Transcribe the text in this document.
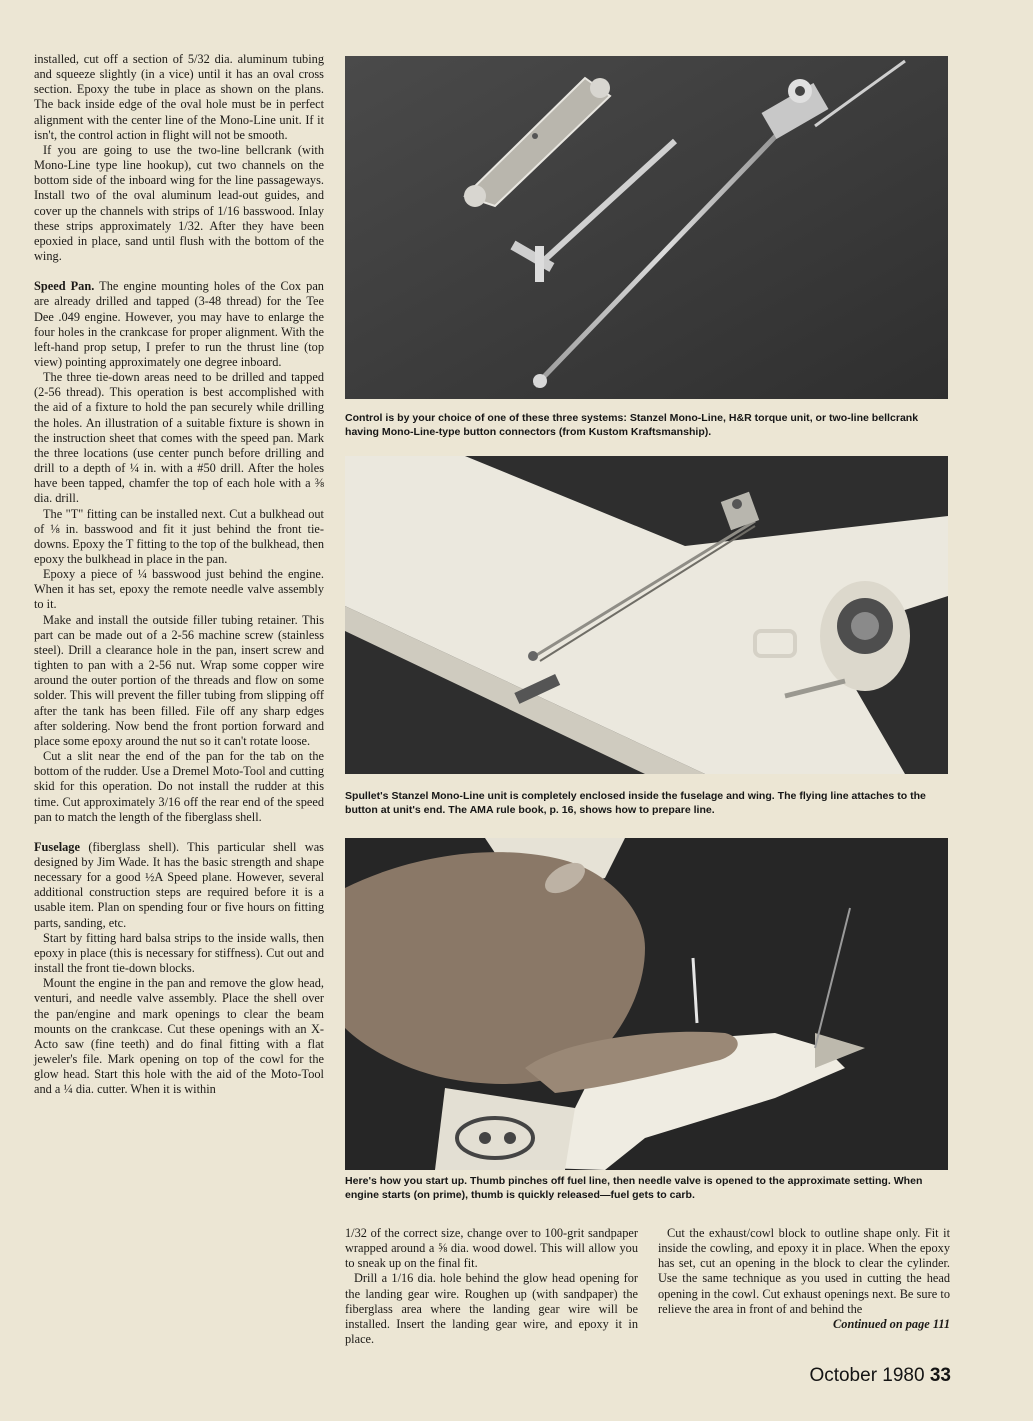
installed, cut off a section of 5/32 dia. aluminum tubing and squeeze slightly (in a vice) until it has an oval cross section. Epoxy the tube in place as shown on the plans. The back inside edge of the oval hole must be in perfect alignment with the center line of the Mono-Line unit. If it isn't, the control action in flight will not be smooth.

If you are going to use the two-line bellcrank (with Mono-Line type line hookup), cut two channels on the bottom side of the inboard wing for the line passageways. Install two of the oval aluminum lead-out guides, and cover up the channels with strips of 1/16 basswood. Inlay these strips approximately 1/32. After they have been epoxied in place, sand until flush with the bottom of the wing.

Speed Pan. The engine mounting holes of the Cox pan are already drilled and tapped (3-48 thread) for the Tee Dee .049 engine. However, you may have to enlarge the four holes in the crankcase for proper alignment. With the left-hand prop setup, I prefer to run the thrust line (top view) pointing approximately one degree inboard.

The three tie-down areas need to be drilled and tapped (2-56 thread). This operation is best accomplished with the aid of a fixture to hold the pan securely while drilling the holes. An illustration of a suitable fixture is shown in the instruction sheet that comes with the speed pan. Mark the three locations (use center punch before drilling and drill to a depth of ¼ in. with a #50 drill. After the holes have been tapped, chamfer the top of each hole with a ⅜ dia. drill.

The "T" fitting can be installed next. Cut a bulkhead out of ⅛ in. basswood and fit it just behind the front tie-downs. Epoxy the T fitting to the top of the bulkhead, then epoxy the bulkhead in place in the pan.

Epoxy a piece of ¼ basswood just behind the engine. When it has set, epoxy the remote needle valve assembly to it.

Make and install the outside filler tubing retainer. This part can be made out of a 2-56 machine screw (stainless steel). Drill a clearance hole in the pan, insert screw and tighten to pan with a 2-56 nut. Wrap some copper wire around the outer portion of the threads and flow on some solder. This will prevent the filler tubing from slipping off after the tank has been filled. File off any sharp edges after soldering. Now bend the front portion forward and place some epoxy around the nut so it can't rotate loose.

Cut a slit near the end of the pan for the tab on the bottom of the rudder. Use a Dremel Moto-Tool and cutting skid for this operation. Do not install the rudder at this time. Cut approximately 3/16 off the rear end of the speed pan to match the length of the fiberglass shell.

Fuselage (fiberglass shell). This particular shell was designed by Jim Wade. It has the basic strength and shape necessary for a good ½A Speed plane. However, several additional construction steps are required before it is a usable item. Plan on spending four or five hours on fitting parts, sanding, etc.

Start by fitting hard balsa strips to the inside walls, then epoxy in place (this is necessary for stiffness). Cut out and install the front tie-down blocks.

Mount the engine in the pan and remove the glow head, venturi, and needle valve assembly. Place the shell over the pan/engine and mark openings to clear the beam mounts on the crankcase. Cut these openings with an X-Acto saw (fine teeth) and do final fitting with a flat jeweler's file. Mark opening on top of the cowl for the glow head. Start this hole with the aid of the Moto-Tool and a ¼ dia. cutter. When it is within

Control is by your choice of one of these three systems: Stanzel Mono-Line, H&R torque unit, or two-line bellcrank having Mono-Line-type button connectors (from Kustom Kraftsmanship).
Spullet's Stanzel Mono-Line unit is completely enclosed inside the fuselage and wing. The flying line attaches to the button at unit's end. The AMA rule book, p. 16, shows how to prepare line.
Here's how you start up. Thumb pinches off fuel line, then needle valve is opened to the approximate setting. When engine starts (on prime), thumb is quickly released—fuel gets to carb.

1/32 of the correct size, change over to 100-grit sandpaper wrapped around a ⅝ dia. wood dowel. This will allow you to sneak up on the final fit.

Drill a 1/16 dia. hole behind the glow head opening for the landing gear wire. Roughen up (with sandpaper) the fiberglass area where the landing gear wire will be installed. Insert the landing gear wire, and epoxy it in place.

Cut the exhaust/cowl block to outline shape only. Fit it inside the cowling, and epoxy it in place. When the epoxy has set, cut an opening in the block to clear the cylinder. Use the same technique as you used in cutting the head opening in the cowl. Cut exhaust openings next. Be sure to relieve the area in front of and behind the

Continued on page 111

October 1980 33
